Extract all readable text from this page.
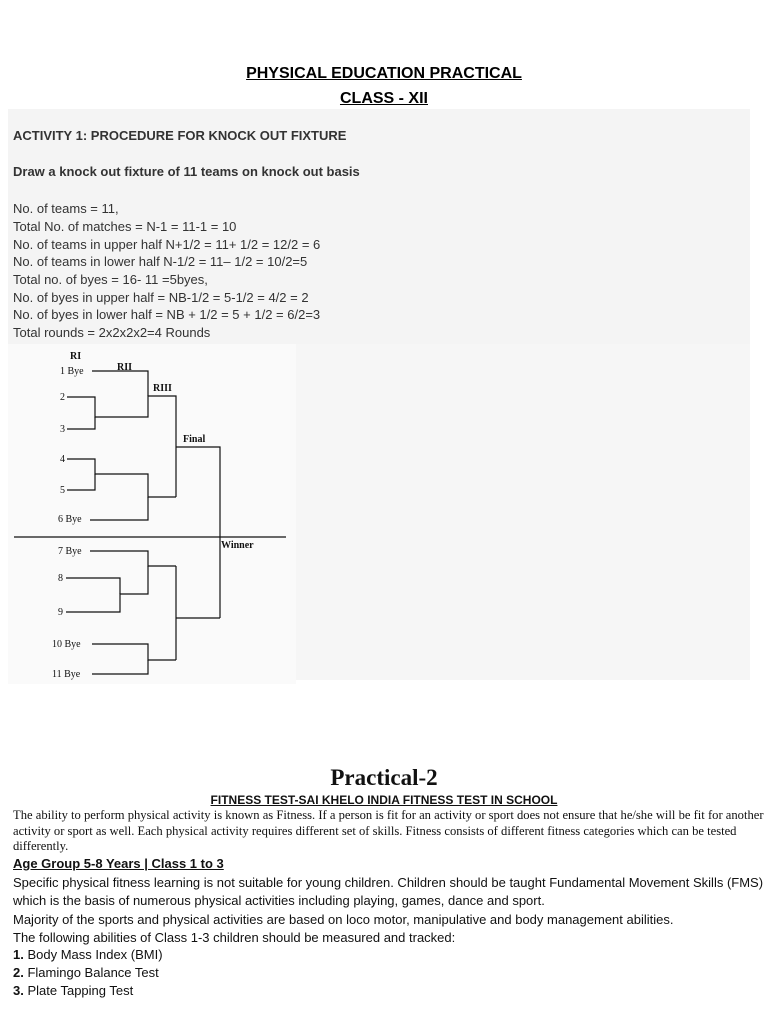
PHYSICAL EDUCATION PRACTICAL
CLASS - XII
ACTIVITY 1: PROCEDURE FOR KNOCK OUT FIXTURE
Draw a knock out fixture of 11 teams on knock out basis
No. of teams = 11,
Total No. of matches = N-1 = 11-1 = 10
No. of teams in upper half N+1/2 = 11+ 1/2 = 12/2 = 6
No. of teams in lower half N-1/2 = 11– 1/2 = 10/2=5
Total no. of byes = 16- 11 =5byes,
No. of byes in upper half = NB-1/2 = 5-1/2 = 4/2 = 2
No. of byes in lower half = NB + 1/2 = 5 + 1/2 = 6/2=3
Total rounds = 2x2x2x2=4 Rounds
RI
RII
RIII
Final
Winner
1 Bye
2
3
4
5
6 Bye
7 Bye
8
9
10 Bye
11 Bye
Practical-2
FITNESS TEST-SAI KHELO INDIA FITNESS TEST IN SCHOOL
The ability to perform physical activity is known as Fitness. If a person is fit for an activity or sport does not ensure that he/she will be fit for another activity or sport as well. Each physical activity requires different set of skills. Fitness consists of different fitness categories which can be tested differently.
Age Group 5-8 Years | Class 1 to 3

Specific physical fitness learning is not suitable for young children. Children should be taught Fundamental Movement Skills (FMS) which is the basis of numerous physical activities including playing, games, dance and sport.

Majority of the sports and physical activities are based on loco motor, manipulative and body management abilities.

The following abilities of Class 1-3 children should be measured and tracked:

1. Body Mass Index (BMI)
2. Flamingo Balance Test
3. Plate Tapping Test
